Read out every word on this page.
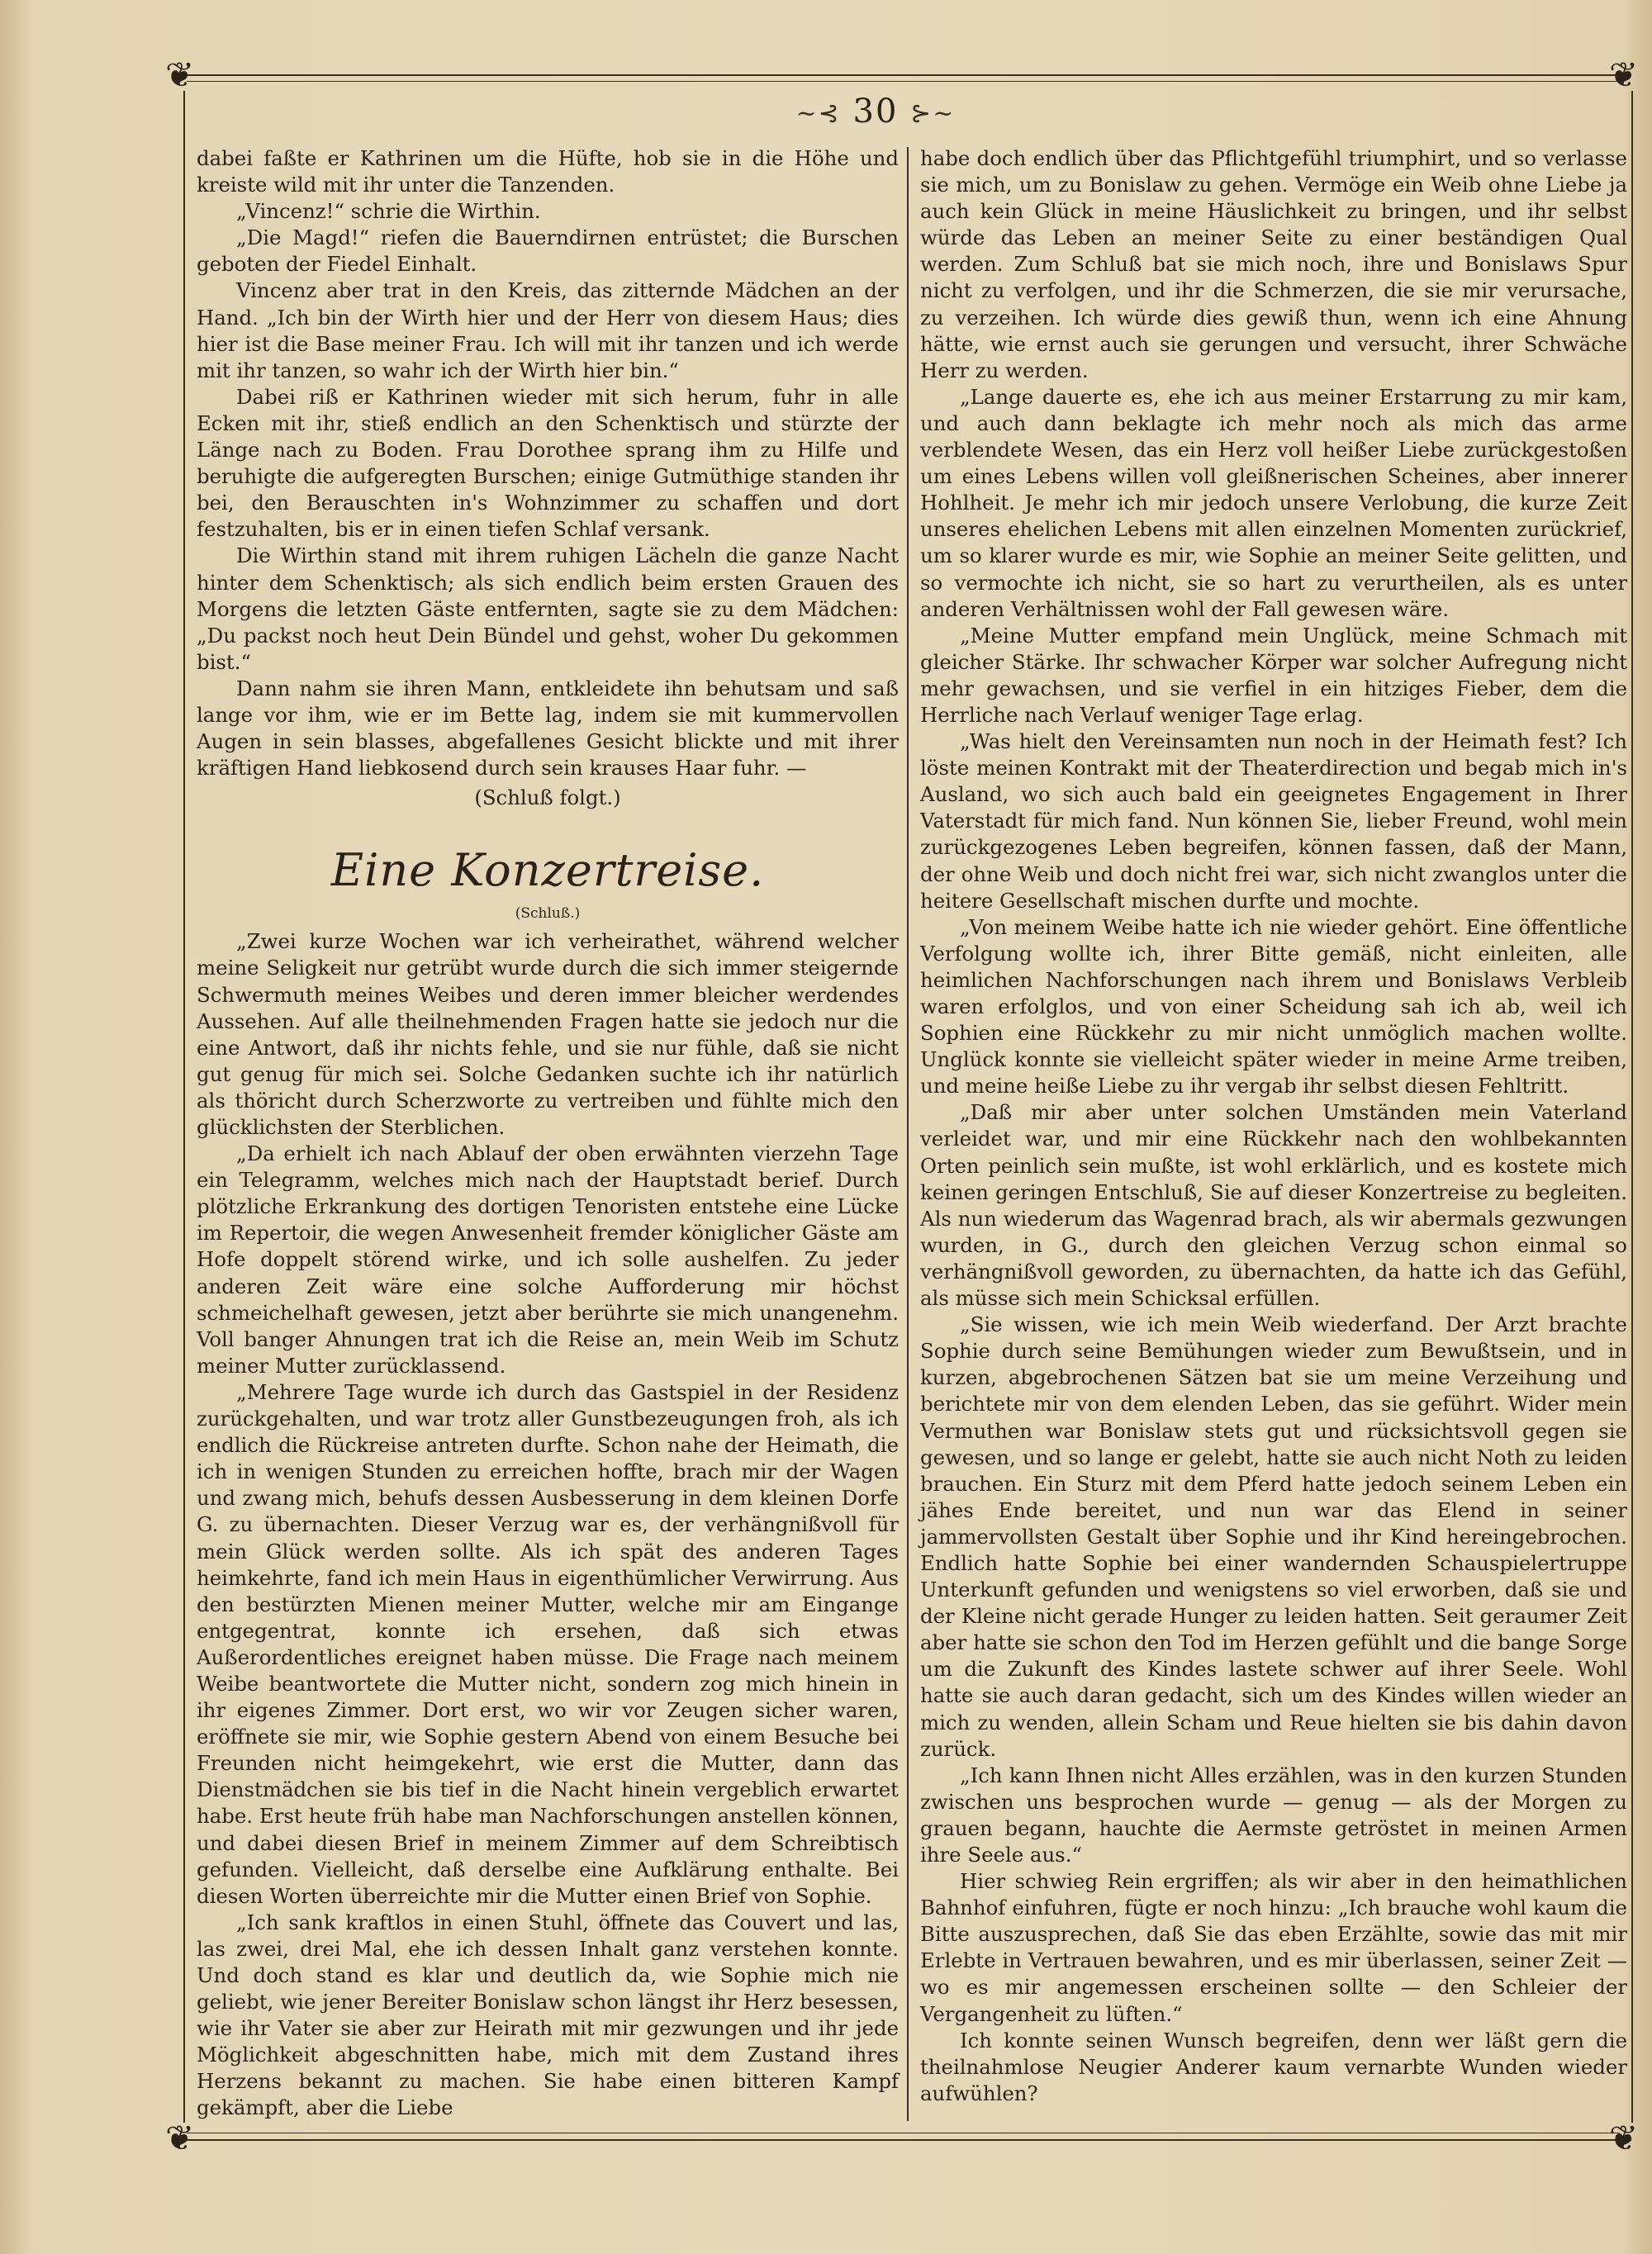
❦	❦
❦	❦
~⊰ 30 ⊱~

dabei faßte er Kathrinen um die Hüfte, hob sie in die Höhe und kreiste wild mit ihr unter die Tanzenden.

„Vincenz!“ schrie die Wirthin.

„Die Magd!“ riefen die Bauerndirnen entrüstet; die Burschen geboten der Fiedel Einhalt.

Vincenz aber trat in den Kreis, das zitternde Mädchen an der Hand. „Ich bin der Wirth hier und der Herr von diesem Haus; dies hier ist die Base meiner Frau. Ich will mit ihr tanzen und ich werde mit ihr tanzen, so wahr ich der Wirth hier bin.“

Dabei riß er Kathrinen wieder mit sich herum, fuhr in alle Ecken mit ihr, stieß endlich an den Schenktisch und stürzte der Länge nach zu Boden. Frau Dorothee sprang ihm zu Hilfe und beruhigte die aufgeregten Burschen; einige Gutmüthige standen ihr bei, den Berauschten in's Wohnzimmer zu schaffen und dort festzuhalten, bis er in einen tiefen Schlaf versank.

Die Wirthin stand mit ihrem ruhigen Lächeln die ganze Nacht hinter dem Schenktisch; als sich endlich beim ersten Grauen des Morgens die letzten Gäste entfernten, sagte sie zu dem Mädchen: „Du packst noch heut Dein Bündel und gehst, woher Du gekommen bist.“

Dann nahm sie ihren Mann, entkleidete ihn behutsam und saß lange vor ihm, wie er im Bette lag, indem sie mit kummervollen Augen in sein blasses, abgefallenes Gesicht blickte und mit ihrer kräftigen Hand liebkosend durch sein krauses Haar fuhr. —

(Schluß folgt.)

Eine Konzertreise.
(Schluß.)

„Zwei kurze Wochen war ich verheirathet, während welcher meine Seligkeit nur getrübt wurde durch die sich immer steigernde Schwermuth meines Weibes und deren immer bleicher werdendes Aussehen. Auf alle theilnehmenden Fragen hatte sie jedoch nur die eine Antwort, daß ihr nichts fehle, und sie nur fühle, daß sie nicht gut genug für mich sei. Solche Gedanken suchte ich ihr natürlich als thöricht durch Scherzworte zu vertreiben und fühlte mich den glücklichsten der Sterblichen.

„Da erhielt ich nach Ablauf der oben erwähnten vierzehn Tage ein Telegramm, welches mich nach der Hauptstadt berief. Durch plötzliche Erkrankung des dortigen Tenoristen entstehe eine Lücke im Repertoir, die wegen Anwesenheit fremder königlicher Gäste am Hofe doppelt störend wirke, und ich solle aushelfen. Zu jeder anderen Zeit wäre eine solche Aufforderung mir höchst schmeichelhaft gewesen, jetzt aber berührte sie mich unangenehm. Voll banger Ahnungen trat ich die Reise an, mein Weib im Schutz meiner Mutter zurücklassend.

„Mehrere Tage wurde ich durch das Gastspiel in der Residenz zurückgehalten, und war trotz aller Gunstbezeugungen froh, als ich endlich die Rückreise antreten durfte. Schon nahe der Heimath, die ich in wenigen Stunden zu erreichen hoffte, brach mir der Wagen und zwang mich, behufs dessen Ausbesserung in dem kleinen Dorfe G. zu übernachten. Dieser Verzug war es, der verhängnißvoll für mein Glück werden sollte. Als ich spät des anderen Tages heimkehrte, fand ich mein Haus in eigenthümlicher Verwirrung. Aus den bestürzten Mienen meiner Mutter, welche mir am Eingange entgegentrat, konnte ich ersehen, daß sich etwas Außerordentliches ereignet haben müsse. Die Frage nach meinem Weibe beantwortete die Mutter nicht, sondern zog mich hinein in ihr eigenes Zimmer. Dort erst, wo wir vor Zeugen sicher waren, eröffnete sie mir, wie Sophie gestern Abend von einem Besuche bei Freunden nicht heimgekehrt, wie erst die Mutter, dann das Dienstmädchen sie bis tief in die Nacht hinein vergeblich erwartet habe. Erst heute früh habe man Nachforschungen anstellen können, und dabei diesen Brief in meinem Zimmer auf dem Schreibtisch gefunden. Vielleicht, daß derselbe eine Aufklärung enthalte. Bei diesen Worten überreichte mir die Mutter einen Brief von Sophie.

„Ich sank kraftlos in einen Stuhl, öffnete das Couvert und las, las zwei, drei Mal, ehe ich dessen Inhalt ganz verstehen konnte. Und doch stand es klar und deutlich da, wie Sophie mich nie geliebt, wie jener Bereiter Bonislaw schon längst ihr Herz besessen, wie ihr Vater sie aber zur Heirath mit mir gezwungen und ihr jede Möglichkeit abgeschnitten habe, mich mit dem Zustand ihres Herzens bekannt zu machen. Sie habe einen bitteren Kampf gekämpft, aber die Liebe

habe doch endlich über das Pflichtgefühl triumphirt, und so verlasse sie mich, um zu Bonislaw zu gehen. Vermöge ein Weib ohne Liebe ja auch kein Glück in meine Häuslichkeit zu bringen, und ihr selbst würde das Leben an meiner Seite zu einer beständigen Qual werden. Zum Schluß bat sie mich noch, ihre und Bonislaws Spur nicht zu verfolgen, und ihr die Schmerzen, die sie mir verursache, zu verzeihen. Ich würde dies gewiß thun, wenn ich eine Ahnung hätte, wie ernst auch sie gerungen und versucht, ihrer Schwäche Herr zu werden.

„Lange dauerte es, ehe ich aus meiner Erstarrung zu mir kam, und auch dann beklagte ich mehr noch als mich das arme verblendete Wesen, das ein Herz voll heißer Liebe zurückgestoßen um eines Lebens willen voll gleißnerischen Scheines, aber innerer Hohlheit. Je mehr ich mir jedoch unsere Verlobung, die kurze Zeit unseres ehelichen Lebens mit allen einzelnen Momenten zurückrief, um so klarer wurde es mir, wie Sophie an meiner Seite gelitten, und so vermochte ich nicht, sie so hart zu verurtheilen, als es unter anderen Verhältnissen wohl der Fall gewesen wäre.

„Meine Mutter empfand mein Unglück, meine Schmach mit gleicher Stärke. Ihr schwacher Körper war solcher Aufregung nicht mehr gewachsen, und sie verfiel in ein hitziges Fieber, dem die Herrliche nach Verlauf weniger Tage erlag.

„Was hielt den Vereinsamten nun noch in der Heimath fest? Ich löste meinen Kontrakt mit der Theaterdirection und begab mich in's Ausland, wo sich auch bald ein geeignetes Engagement in Ihrer Vaterstadt für mich fand. Nun können Sie, lieber Freund, wohl mein zurückgezogenes Leben begreifen, können fassen, daß der Mann, der ohne Weib und doch nicht frei war, sich nicht zwanglos unter die heitere Gesellschaft mischen durfte und mochte.

„Von meinem Weibe hatte ich nie wieder gehört. Eine öffentliche Verfolgung wollte ich, ihrer Bitte gemäß, nicht einleiten, alle heimlichen Nachforschungen nach ihrem und Bonislaws Verbleib waren erfolglos, und von einer Scheidung sah ich ab, weil ich Sophien eine Rückkehr zu mir nicht unmöglich machen wollte. Unglück konnte sie vielleicht später wieder in meine Arme treiben, und meine heiße Liebe zu ihr vergab ihr selbst diesen Fehltritt.

„Daß mir aber unter solchen Umständen mein Vaterland verleidet war, und mir eine Rückkehr nach den wohlbekannten Orten peinlich sein mußte, ist wohl erklärlich, und es kostete mich keinen geringen Entschluß, Sie auf dieser Konzertreise zu begleiten. Als nun wiederum das Wagenrad brach, als wir abermals gezwungen wurden, in G., durch den gleichen Verzug schon einmal so verhängnißvoll geworden, zu übernachten, da hatte ich das Gefühl, als müsse sich mein Schicksal erfüllen.

„Sie wissen, wie ich mein Weib wiederfand. Der Arzt brachte Sophie durch seine Bemühungen wieder zum Bewußtsein, und in kurzen, abgebrochenen Sätzen bat sie um meine Verzeihung und berichtete mir von dem elenden Leben, das sie geführt. Wider mein Vermuthen war Bonislaw stets gut und rücksichtsvoll gegen sie gewesen, und so lange er gelebt, hatte sie auch nicht Noth zu leiden brauchen. Ein Sturz mit dem Pferd hatte jedoch seinem Leben ein jähes Ende bereitet, und nun war das Elend in seiner jammervollsten Gestalt über Sophie und ihr Kind hereingebrochen. Endlich hatte Sophie bei einer wandernden Schauspielertruppe Unterkunft gefunden und wenigstens so viel erworben, daß sie und der Kleine nicht gerade Hunger zu leiden hatten. Seit geraumer Zeit aber hatte sie schon den Tod im Herzen gefühlt und die bange Sorge um die Zukunft des Kindes lastete schwer auf ihrer Seele. Wohl hatte sie auch daran gedacht, sich um des Kindes willen wieder an mich zu wenden, allein Scham und Reue hielten sie bis dahin davon zurück.

„Ich kann Ihnen nicht Alles erzählen, was in den kurzen Stunden zwischen uns besprochen wurde — genug — als der Morgen zu grauen begann, hauchte die Aermste getröstet in meinen Armen ihre Seele aus.“

Hier schwieg Rein ergriffen; als wir aber in den heimathlichen Bahnhof einfuhren, fügte er noch hinzu: „Ich brauche wohl kaum die Bitte auszusprechen, daß Sie das eben Erzählte, sowie das mit mir Erlebte in Vertrauen bewahren, und es mir überlassen, seiner Zeit — wo es mir angemessen erscheinen sollte — den Schleier der Vergangenheit zu lüften.“

Ich konnte seinen Wunsch begreifen, denn wer läßt gern die theilnahmlose Neugier Anderer kaum vernarbte Wunden wieder aufwühlen?
